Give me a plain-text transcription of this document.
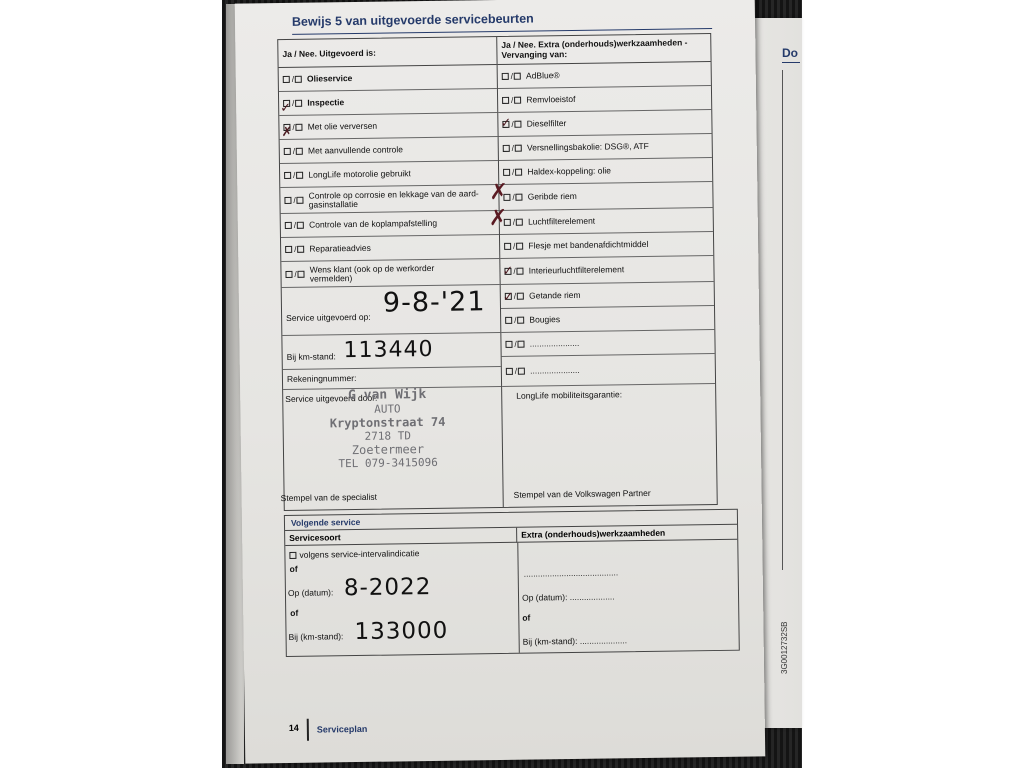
Do
3G0012732SB
Bewijs 5 van uitgevoerde servicebeurten
Ja / Nee. Uitgevoerd is:
/ Olieservice
/ Inspectie
/ Met olie verversen
/ Met aanvullende controle
/ LongLife motorolie gebruikt
/
Controle op corrosie en lekkage van de aard-gasinstallatie
/ Controle van de koplampafstelling
/ Reparatieadvies
/
Wens klant (ook op de werkorder vermelden)
Service uitgevoerd op:
Bij km-stand:
Rekeningnummer:
Service uitgevoerd door:
Stempel van de specialist
Ja / Nee. Extra (onderhouds)werkzaamheden - Vervanging van:
/ AdBlue®
/ Remvloeistof
/ Dieselfilter
/ Versnellingsbakolie: DSG®, ATF
/ Haldex-koppeling: olie
/ Geribde riem
/ Luchtfilterelement
/ Flesje met bandenafdichtmiddel
/ Interieurluchtfilterelement
/ Getande riem
/ Bougies
/ .....................
/ .....................
LongLife mobiliteitsgarantie:
Stempel van de Volkswagen Partner
✓
✗
✓
✗
✗
✓
✓
9-8-'21
113440
G van Wijk
AUTO
Kryptonstraat 74
2718 TD
Zoetermeer
TEL 079-3415096
Volgende service
Servicesoort	Extra (onderhouds)werkzaamheden
volgens service-intervalindicatie
of
Op (datum): 8-2022
of
Bij (km-stand): 133000
........................................
Op (datum): ...................
of
Bij (km-stand): ....................
14 Serviceplan
